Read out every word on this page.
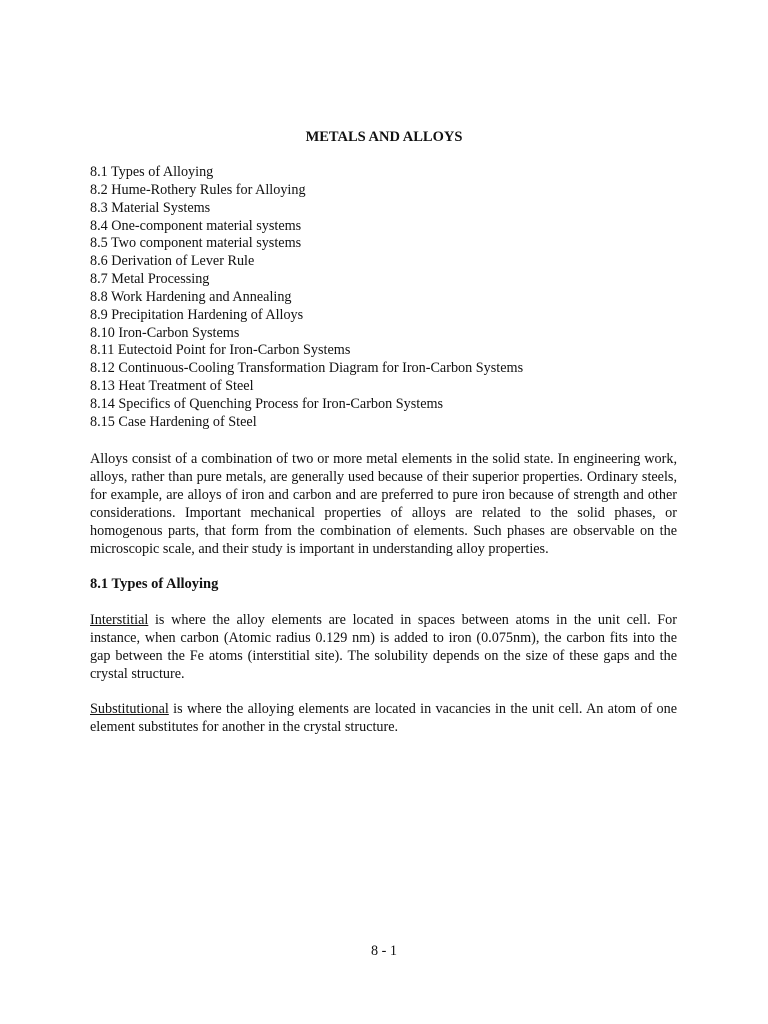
METALS AND ALLOYS
8.1 Types of Alloying
8.2 Hume-Rothery Rules for Alloying
8.3 Material Systems
8.4 One-component material systems
8.5 Two component material systems
8.6 Derivation of Lever Rule
8.7 Metal Processing
8.8 Work Hardening and Annealing
8.9 Precipitation Hardening of Alloys
8.10 Iron-Carbon Systems
8.11 Eutectoid Point for Iron-Carbon Systems
8.12 Continuous-Cooling Transformation Diagram for Iron-Carbon Systems
8.13 Heat Treatment of Steel
8.14 Specifics of Quenching Process for Iron-Carbon Systems
8.15 Case Hardening of Steel

Alloys consist of a combination of two or more metal elements in the solid state. In engineering work, alloys, rather than pure metals, are generally used because of their superior properties. Ordinary steels, for example, are alloys of iron and carbon and are preferred to pure iron because of strength and other considerations. Important mechanical properties of alloys are related to the solid phases, or homogenous parts, that form from the combination of elements. Such phases are observable on the microscopic scale, and their study is important in understanding alloy properties.

8.1 Types of Alloying

Interstitial is where the alloy elements are located in spaces between atoms in the unit cell. For instance, when carbon (Atomic radius 0.129 nm) is added to iron (0.075nm), the carbon fits into the gap between the Fe atoms (interstitial site). The solubility depends on the size of these gaps and the crystal structure.

Substitutional is where the alloying elements are located in vacancies in the unit cell. An atom of one element substitutes for another in the crystal structure.

8 - 1
